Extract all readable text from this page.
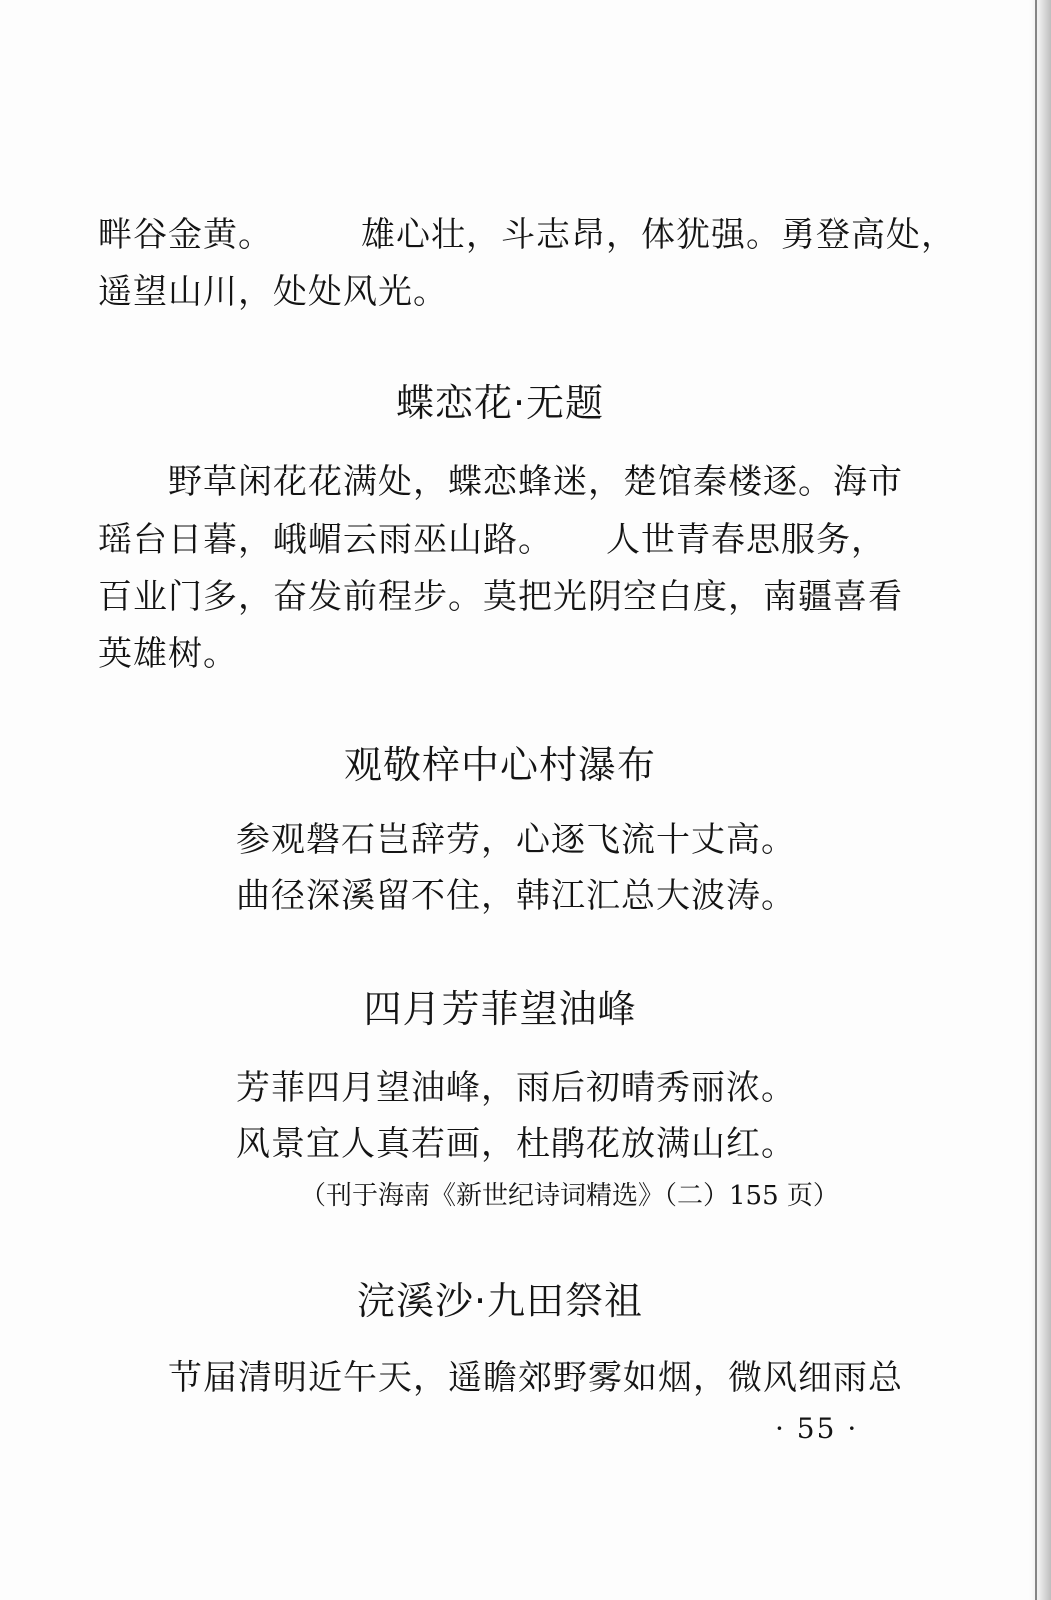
畔谷金黄。　　　雄心壮，斗志昂，体犹强。勇登高处，
遥望山川，处处风光。
蝶恋花·无题
　　野草闲花花满处，蝶恋蜂迷，楚馆秦楼逐。海市
瑶台日暮，峨嵋云雨巫山路。　　人世青春思服务，
百业门多，奋发前程步。莫把光阴空白度，南疆喜看
英雄树。
观敬梓中心村瀑布
参观磐石岂辞劳，心逐飞流十丈高。
曲径深溪留不住，韩江汇总大波涛。
四月芳菲望油峰
芳菲四月望油峰，雨后初晴秀丽浓。
风景宜人真若画，杜鹃花放满山红。
（刊于海南《新世纪诗词精选》（二）155 页）
浣溪沙·九田祭祖
　　节届清明近午天，遥瞻郊野雾如烟，微风细雨总
· 55 ·
